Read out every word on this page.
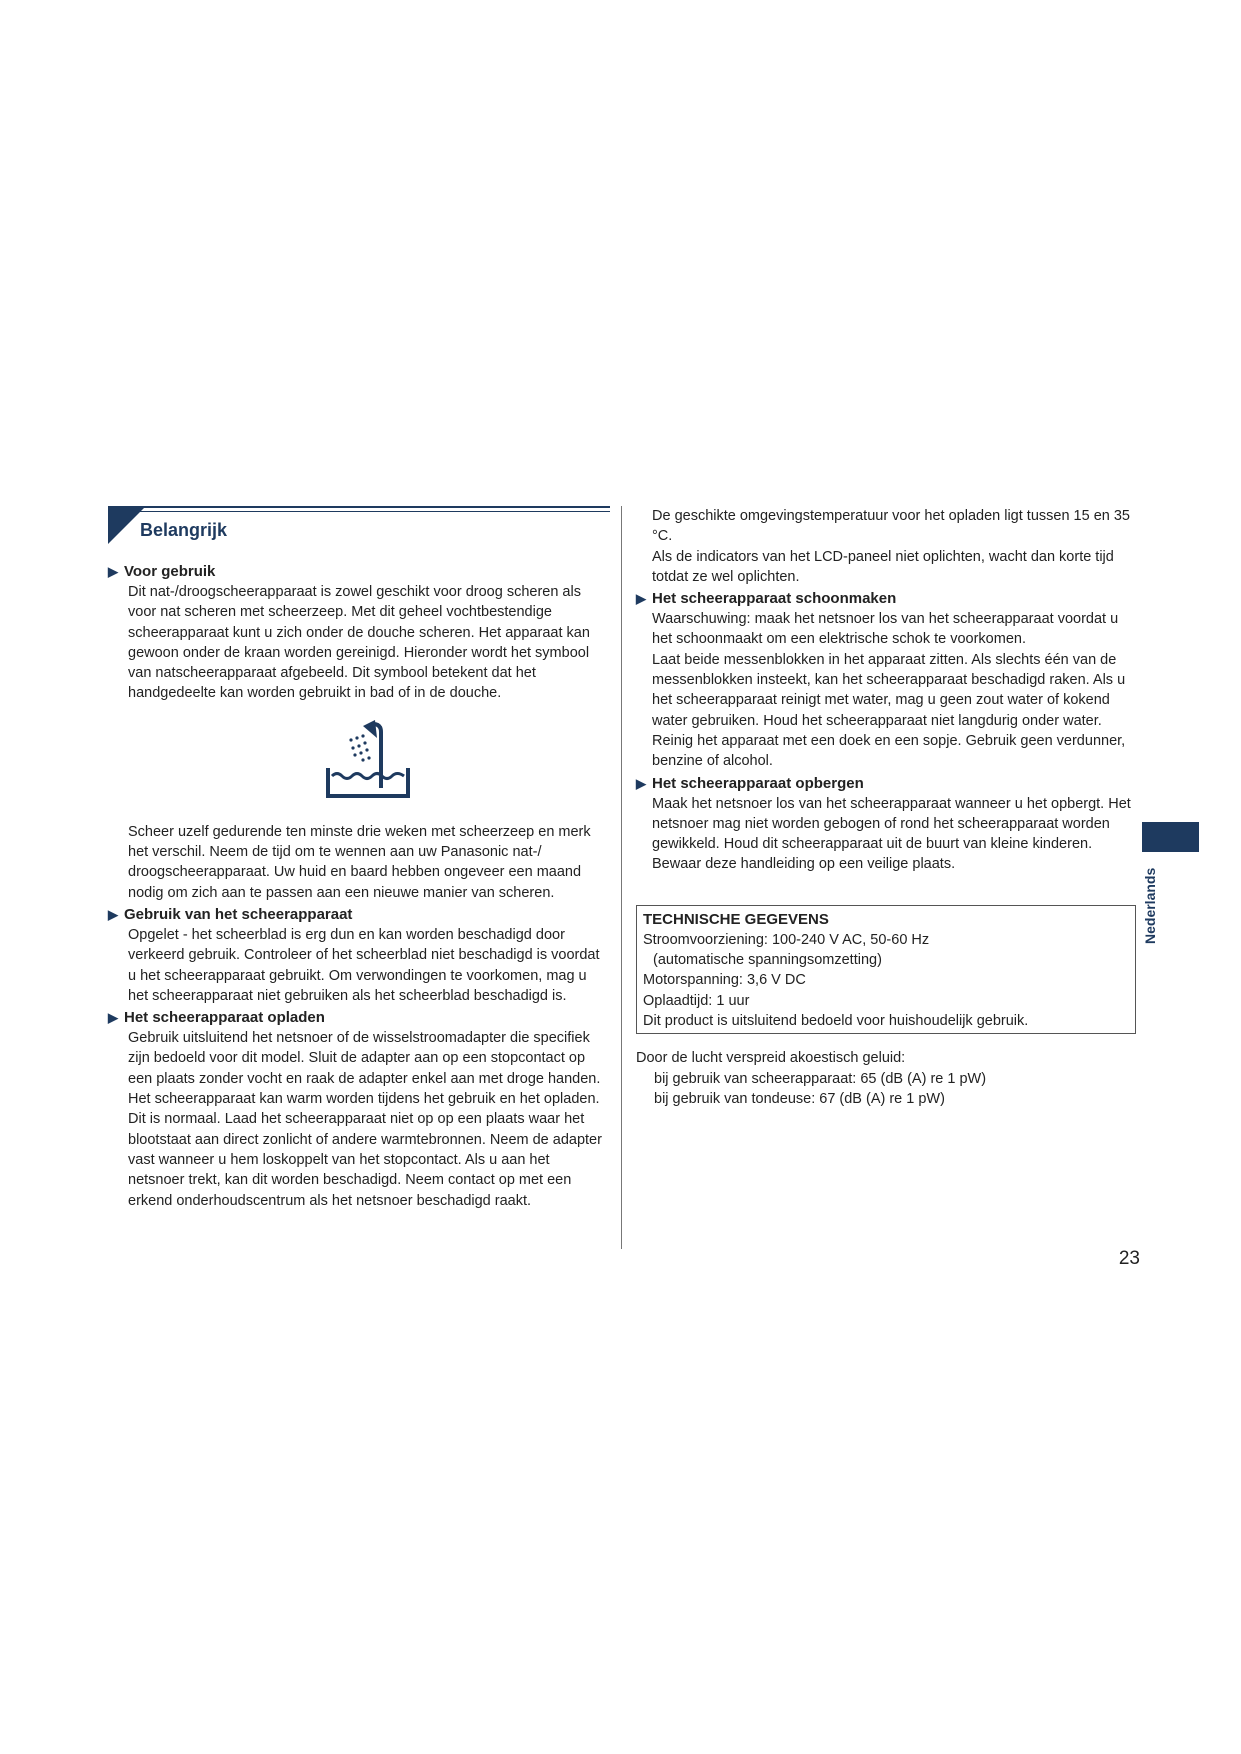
Belangrijk
▶ Voor gebruik

Dit nat-/droogscheerapparaat is zowel geschikt voor droog scheren als voor nat scheren met scheerzeep. Met dit geheel vochtbestendige scheerapparaat kunt u zich onder de douche scheren. Het apparaat kan gewoon onder de kraan worden gereinigd. Hieronder wordt het symbool van natscheerapparaat afgebeeld. Dit symbool betekent dat het handgedeelte kan worden gebruikt in bad of in de douche.

Scheer uzelf gedurende ten minste drie weken met scheerzeep en merk het verschil. Neem de tijd om te wennen aan uw Panasonic nat-/ droogscheerapparaat. Uw huid en baard hebben ongeveer een maand nodig om zich aan te passen aan een nieuwe manier van scheren.

▶ Gebruik van het scheerapparaat

Opgelet - het scheerblad is erg dun en kan worden beschadigd door verkeerd gebruik. Controleer of het scheerblad niet beschadigd is voordat u het scheerapparaat gebruikt. Om verwondingen te voorkomen, mag u het scheerapparaat niet gebruiken als het scheerblad beschadigd is.

▶ Het scheerapparaat opladen

Gebruik uitsluitend het netsnoer of de wisselstroomadapter die specifiek zijn bedoeld voor dit model. Sluit de adapter aan op een stopcontact op een plaats zonder vocht en raak de adapter enkel aan met droge handen. Het scheerapparaat kan warm worden tijdens het gebruik en het opladen. Dit is normaal. Laad het scheerapparaat niet op op een plaats waar het blootstaat aan direct zonlicht of andere warmtebronnen. Neem de adapter vast wanneer u hem loskoppelt van het stopcontact. Als u aan het netsnoer trekt, kan dit worden beschadigd. Neem contact op met een erkend onderhoudscentrum als het netsnoer beschadigd raakt.

De geschikte omgevingstemperatuur voor het opladen ligt tussen 15 en 35 °C.

Als de indicators van het LCD-paneel niet oplichten, wacht dan korte tijd totdat ze wel oplichten.

▶ Het scheerapparaat schoonmaken

Waarschuwing: maak het netsnoer los van het scheerapparaat voordat u het schoonmaakt om een elektrische schok te voorkomen.

Laat beide messenblokken in het apparaat zitten. Als slechts één van de messenblokken insteekt, kan het scheerapparaat beschadigd raken. Als u het scheerapparaat reinigt met water, mag u geen zout water of kokend water gebruiken. Houd het scheerapparaat niet langdurig onder water. Reinig het apparaat met een doek en een sopje. Gebruik geen verdunner, benzine of alcohol.

▶ Het scheerapparaat opbergen

Maak het netsnoer los van het scheerapparaat wanneer u het opbergt. Het netsnoer mag niet worden gebogen of rond het scheerapparaat worden gewikkeld. Houd dit scheerapparaat uit de buurt van kleine kinderen. Bewaar deze handleiding op een veilige plaats.

TECHNISCHE GEGEVENS
Stroomvoorziening: 100-240 V AC, 50-60 Hz
(automatische spanningsomzetting)
Motorspanning: 3,6 V DC
Oplaadtijd: 1 uur
Dit product is uitsluitend bedoeld voor huishoudelijk gebruik.
Door de lucht verspreid akoestisch geluid:
bij gebruik van scheerapparaat: 65 (dB (A) re 1 pW)
bij gebruik van tondeuse: 67 (dB (A) re 1 pW)
Nederlands
23
